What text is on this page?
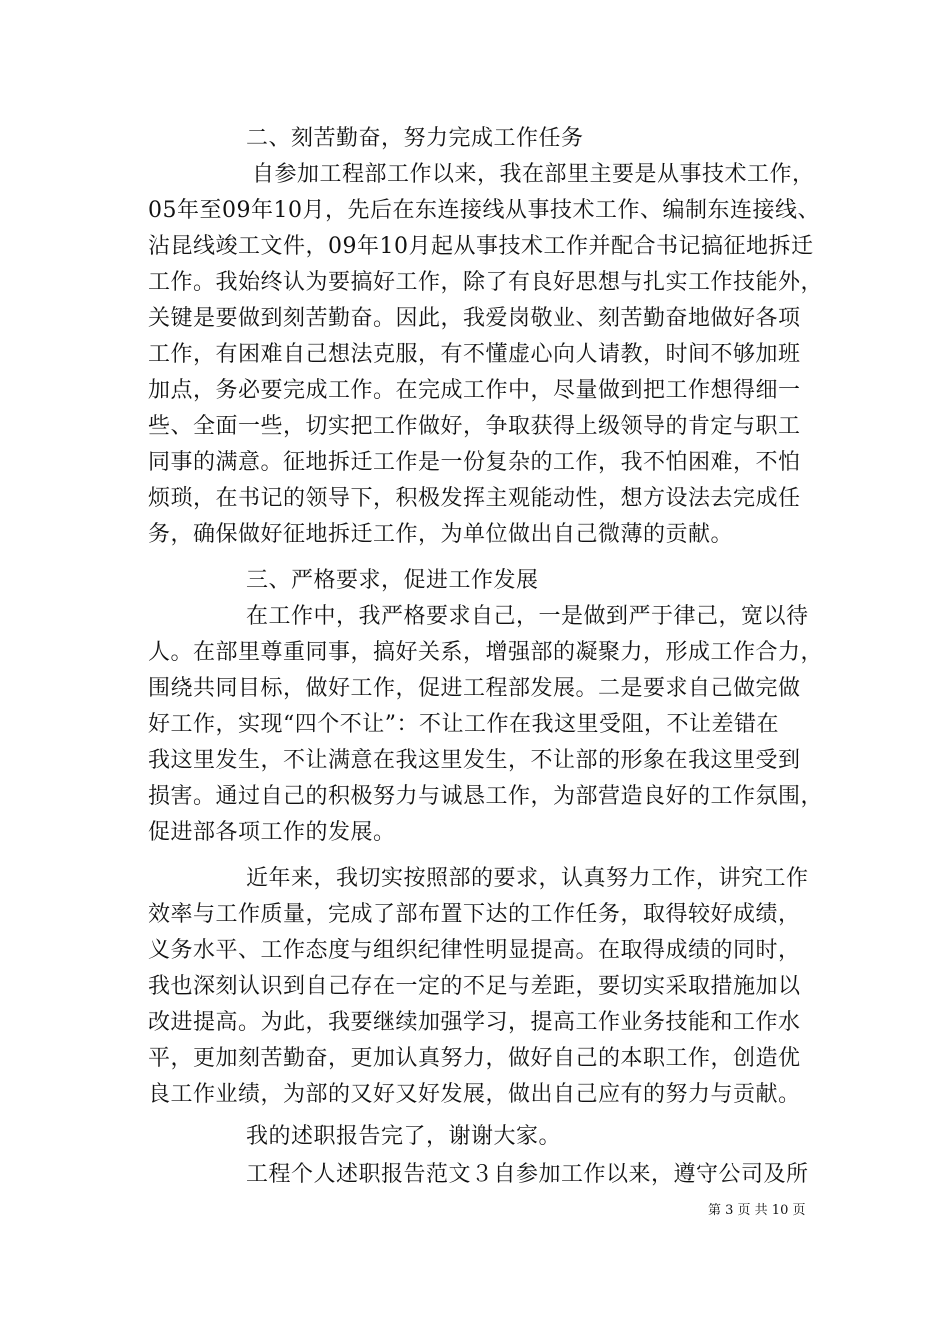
二、刻苦勤奋，努力完成工作任务
自参加工程部工作以来，我在部里主要是从事技术工作，
05年至09年10月，先后在东连接线从事技术工作、编制东连接线、
沾昆线竣工文件，09年10月起从事技术工作并配合书记搞征地拆迁
工作。我始终认为要搞好工作，除了有良好思想与扎实工作技能外，
关键是要做到刻苦勤奋。因此，我爱岗敬业、刻苦勤奋地做好各项
工作，有困难自己想法克服，有不懂虚心向人请教，时间不够加班
加点，务必要完成工作。在完成工作中，尽量做到把工作想得细一
些、全面一些，切实把工作做好，争取获得上级领导的肯定与职工
同事的满意。征地拆迁工作是一份复杂的工作，我不怕困难，不怕
烦琐，在书记的领导下，积极发挥主观能动性，想方设法去完成任
务，确保做好征地拆迁工作，为单位做出自己微薄的贡献。
三、严格要求，促进工作发展
在工作中，我严格要求自己，一是做到严于律己，宽以待
人。在部里尊重同事，搞好关系，增强部的凝聚力，形成工作合力，
围绕共同目标，做好工作，促进工程部发展。二是要求自己做完做
好工作，实现“四个不让”：不让工作在我这里受阻，不让差错在
我这里发生，不让满意在我这里发生，不让部的形象在我这里受到
损害。通过自己的积极努力与诚恳工作，为部营造良好的工作氛围，
促进部各项工作的发展。
近年来，我切实按照部的要求，认真努力工作，讲究工作
效率与工作质量，完成了部布置下达的工作任务，取得较好成绩，
义务水平、工作态度与组织纪律性明显提高。在取得成绩的同时，
我也深刻认识到自己存在一定的不足与差距，要切实采取措施加以
改进提高。为此，我要继续加强学习，提高工作业务技能和工作水
平，更加刻苦勤奋，更加认真努力，做好自己的本职工作，创造优
良工作业绩，为部的又好又好发展，做出自己应有的努力与贡献。
我的述职报告完了，谢谢大家。
工程个人述职报告范文３自参加工作以来，遵守公司及所
第 3 页 共 10 页
